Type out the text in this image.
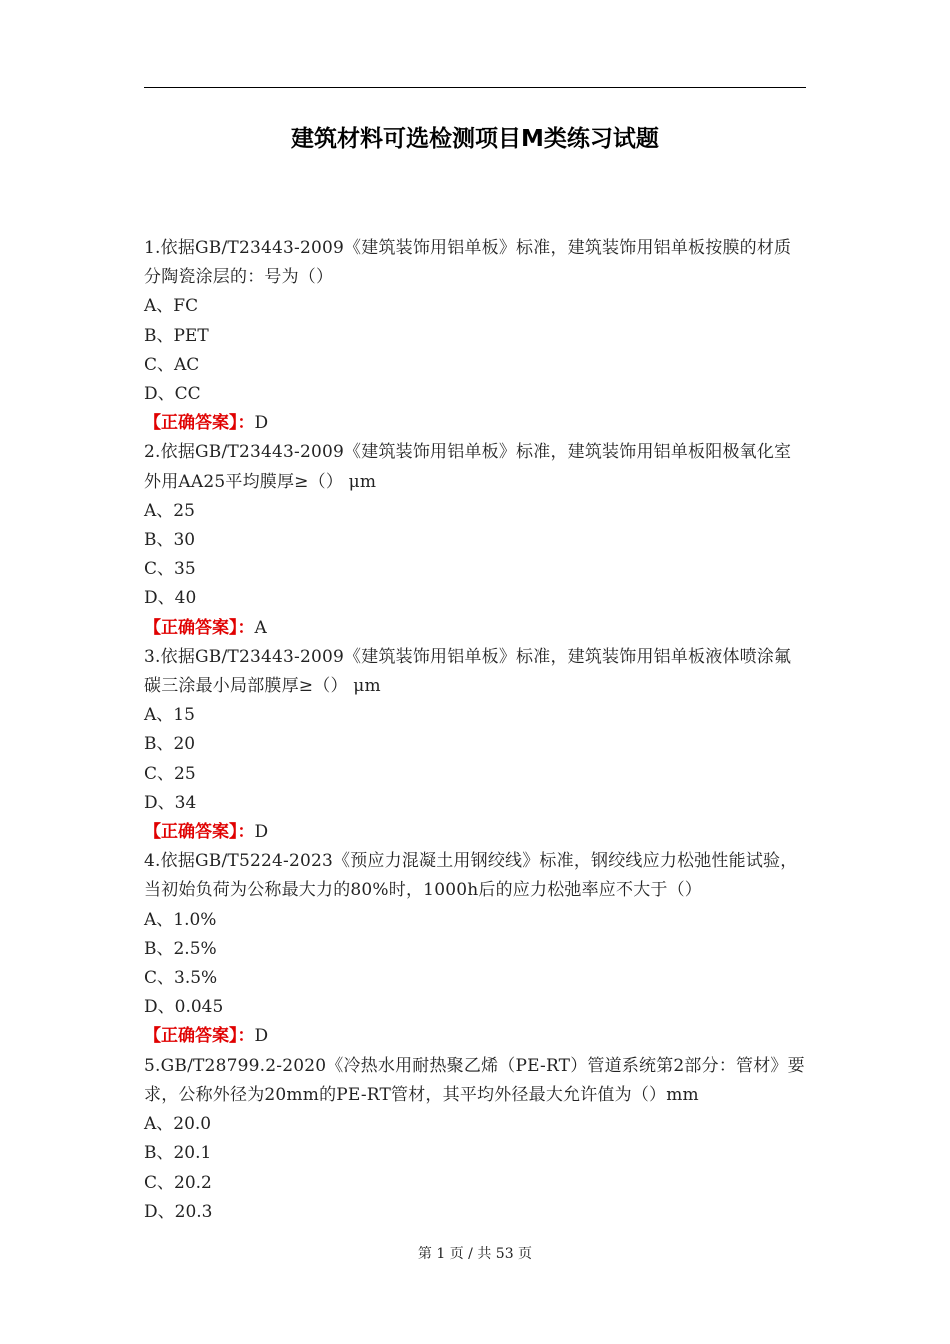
建筑材料可选检测项目M类练习试题
1.依据GB/T23443-2009《建筑装饰用铝单板》标准，建筑装饰用铝单板按膜的材质分陶瓷涂层的：号为（）
A、FC
B、PET
C、AC
D、CC
【正确答案】：D
2.依据GB/T23443-2009《建筑装饰用铝单板》标准，建筑装饰用铝单板阳极氧化室外用AA25平均膜厚≥（） μm
A、25
B、30
C、35
D、40
【正确答案】：A
3.依据GB/T23443-2009《建筑装饰用铝单板》标准，建筑装饰用铝单板液体喷涂氟碳三涂最小局部膜厚≥（） μm
A、15
B、20
C、25
D、34
【正确答案】：D
4.依据GB/T5224-2023《预应力混凝土用钢绞线》标准，钢绞线应力松弛性能试验，当初始负荷为公称最大力的80%时，1000h后的应力松弛率应不大于（）
A、1.0%
B、2.5%
C、3.5%
D、0.045
【正确答案】：D
5.GB/T28799.2-2020《冷热水用耐热聚乙烯（PE-RT）管道系统第2部分：管材》要求，公称外径为20mm的PE-RT管材，其平均外径最大允许值为（）mm
A、20.0
B、20.1
C、20.2
D、20.3
第 1 页 / 共 53 页
